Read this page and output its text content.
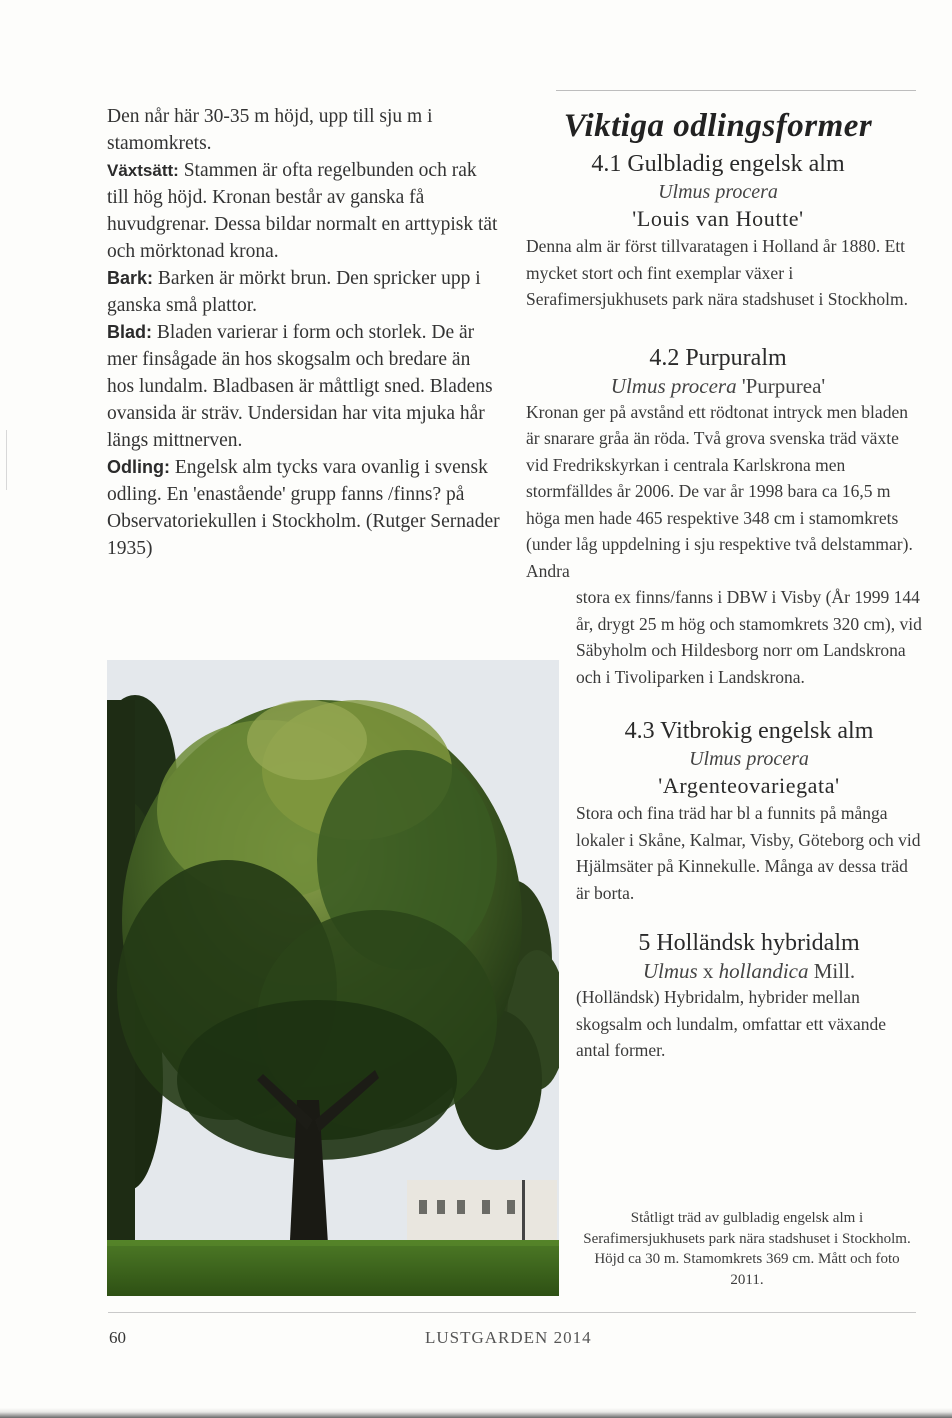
Den når här 30-35 m höjd, upp till sju m i stamomkrets.

Växtsätt: Stammen är ofta regelbunden och rak till hög höjd. Kronan består av ganska få huvudgrenar. Dessa bildar normalt en arttypisk tät och mörktonad krona.

Bark: Barken är mörkt brun. Den spricker upp i ganska små plattor.

Blad: Bladen varierar i form och storlek. De är mer finsågade än hos skogsalm och bredare än hos lundalm. Bladbasen är måttligt sned. Bladens ovansida är sträv. Undersidan har vita mjuka hår längs mittnerven.

Odling: Engelsk alm tycks vara ovanlig i svensk odling. En 'enastående' grupp fanns /finns? på Observatoriekullen i Stockholm. (Rutger Sernader 1935)

Viktiga odlingsformer
4.1 Gulbladig engelsk alm
Ulmus procera
'Louis van Houtte'

Denna alm är först tillvaratagen i Holland år 1880. Ett mycket stort och fint exemplar växer i Serafimersjukhusets park nära stadshuset i Stockholm.

4.2 Purpuralm
Ulmus procera 'Purpurea'

Kronan ger på avstånd ett rödtonat intryck men bladen är snarare gråa än röda. Två grova svenska träd växte vid Fredrikskyrkan i centrala Karlskrona men stormfälldes år 2006. De var år 1998 bara ca 16,5 m höga men hade 465 respektive 348 cm i stamomkrets (under låg uppdelning i sju respektive två delstammar). Andra

stora ex finns/fanns i DBW i Visby (År 1999 144 år, drygt 25 m hög och stamomkrets 320 cm), vid Säbyholm och Hildesborg norr om Landskrona och i Tivoliparken i Landskrona.

4.3 Vitbrokig engelsk alm
Ulmus procera
'Argenteovariegata'

Stora och fina träd har bl a funnits på många lokaler i Skåne, Kalmar, Visby, Göteborg och vid Hjälmsäter på Kinnekulle. Många av dessa träd är borta.

5 Holländsk hybridalm
Ulmus x hollandica Mill.

(Holländsk) Hybridalm, hybrider mellan skogsalm och lundalm, omfattar ett växande antal former.

Ståtligt träd av gulbladig engelsk alm i Serafimersjukhusets park nära stadshuset i Stockholm. Höjd ca 30 m. Stamomkrets 369 cm. Mått och foto 2011.
60	LUSTGARDEN 2014
